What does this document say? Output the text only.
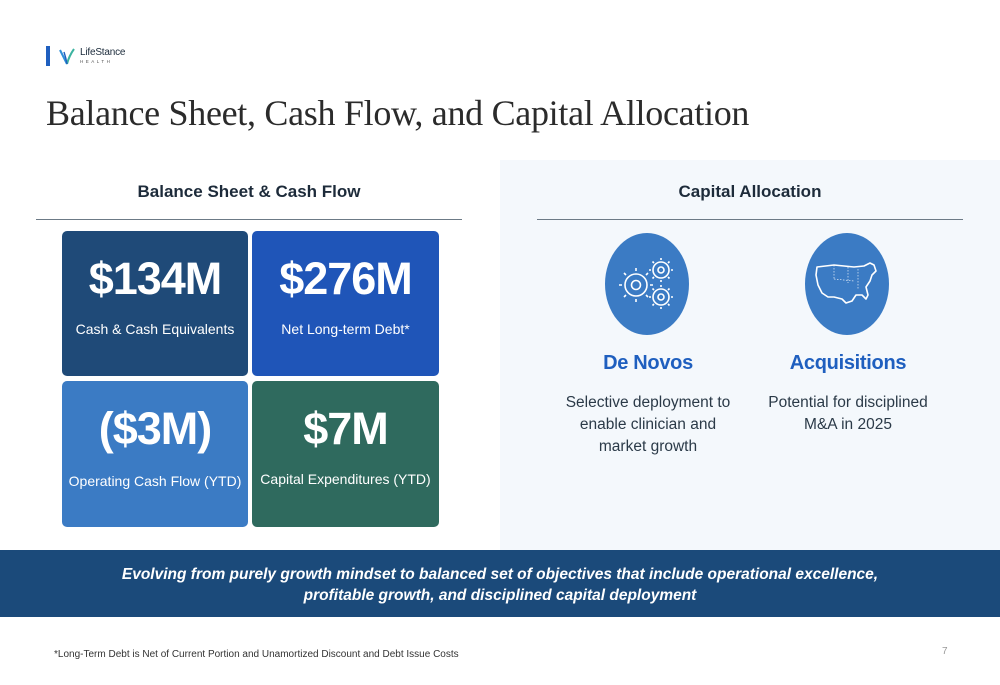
LifeStance
HEALTH
Balance Sheet, Cash Flow, and Capital Allocation
Balance Sheet & Cash Flow
$134M
Cash & Cash Equivalents
$276M
Net Long-term Debt*
($3M)
Operating Cash Flow (YTD)
$7M
Capital Expenditures (YTD)
Capital Allocation
De Novos
Selective deployment to enable clinician and market growth
Acquisitions
Potential for disciplined M&A in 2025
Evolving from purely growth mindset to balanced set of objectives that include operational excellence,
profitable growth, and disciplined capital deployment
*Long-Term Debt is Net of Current Portion and Unamortized Discount and Debt Issue Costs	7
